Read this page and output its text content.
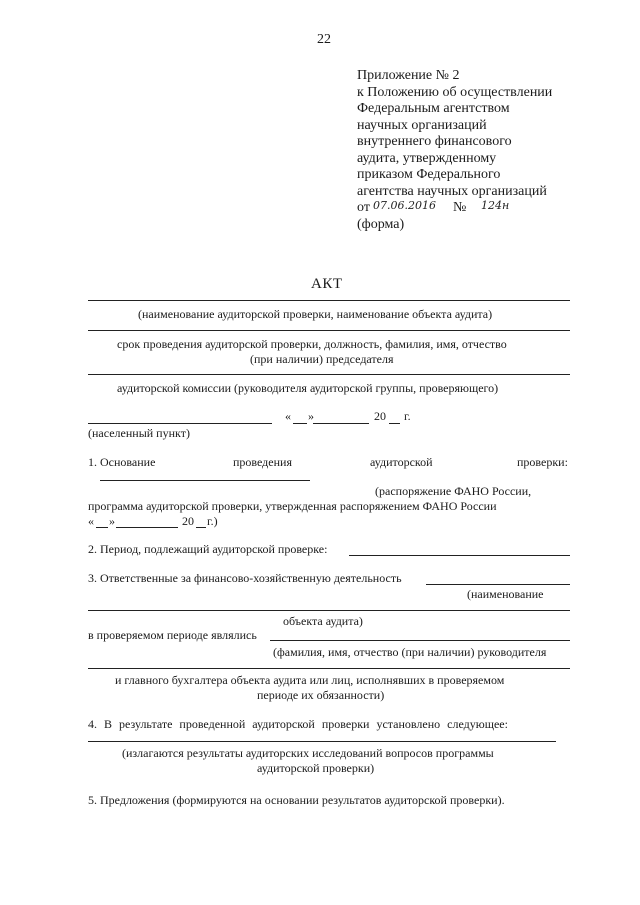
22
Приложение № 2
к Положению об осуществлении
Федеральным агентством
научных организаций
внутреннего финансового
аудита, утвержденному
приказом Федерального
агентства научных организаций
от 07.06.2016 № 124н
(форма)
АКТ
(наименование аудиторской проверки, наименование объекта аудита)
срок проведения аудиторской проверки, должность, фамилия, имя, отчество
(при наличии) председателя
аудиторской комиссии (руководителя аудиторской группы, проверяющего)
« »	20 г.
(населенный пункт)
1. Основание	проведения	аудиторской	проверки:
(распоряжение ФАНО России,
программа аудиторской проверки, утвержденная распоряжением ФАНО России
« »	20 г.)
2. Период, подлежащий аудиторской проверке:
3. Ответственные за финансово-хозяйственную деятельность
(наименование
объекта аудита)
в проверяемом периоде являлись
(фамилия, имя, отчество (при наличии) руководителя
и главного бухгалтера объекта аудита или лиц, исполнявших в проверяемом
периоде их обязанности)
4. В результате проведенной аудиторской проверки установлено следующее:
(излагаются результаты аудиторских исследований вопросов программы
аудиторской проверки)
5. Предложения (формируются на основании результатов аудиторской проверки).
